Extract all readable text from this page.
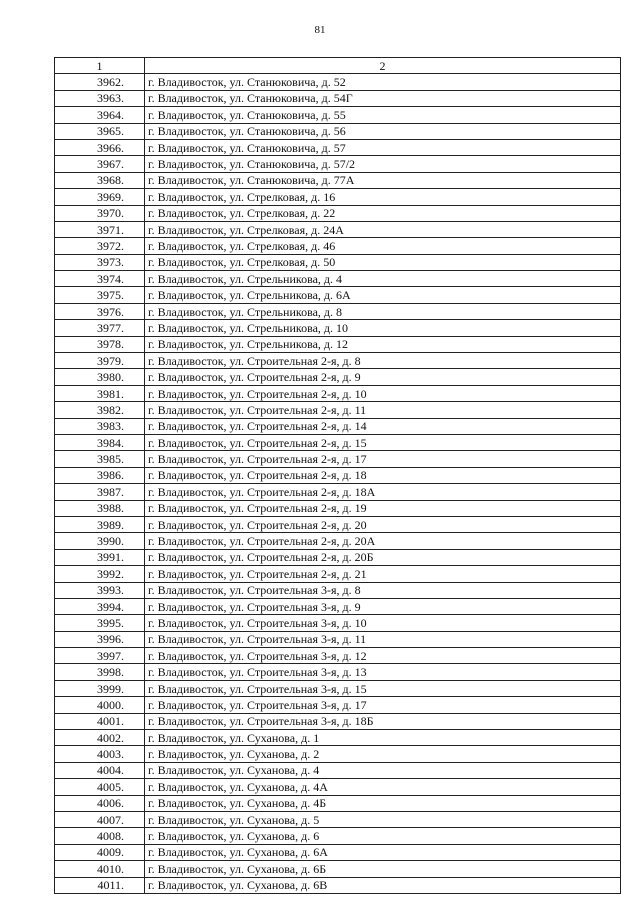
81
1	2
3962.	г. Владивосток, ул. Станюковича, д. 52
3963.	г. Владивосток, ул. Станюковича, д. 54Г
3964.	г. Владивосток, ул. Станюковича, д. 55
3965.	г. Владивосток, ул. Станюковича, д. 56
3966.	г. Владивосток, ул. Станюковича, д. 57
3967.	г. Владивосток, ул. Станюковича, д. 57/2
3968.	г. Владивосток, ул. Станюковича, д. 77А
3969.	г. Владивосток, ул. Стрелковая, д. 16
3970.	г. Владивосток, ул. Стрелковая, д. 22
3971.	г. Владивосток, ул. Стрелковая, д. 24А
3972.	г. Владивосток, ул. Стрелковая, д. 46
3973.	г. Владивосток, ул. Стрелковая, д. 50
3974.	г. Владивосток, ул. Стрельникова, д. 4
3975.	г. Владивосток, ул. Стрельникова, д. 6А
3976.	г. Владивосток, ул. Стрельникова, д. 8
3977.	г. Владивосток, ул. Стрельникова, д. 10
3978.	г. Владивосток, ул. Стрельникова, д. 12
3979.	г. Владивосток, ул. Строительная 2-я, д. 8
3980.	г. Владивосток, ул. Строительная 2-я, д. 9
3981.	г. Владивосток, ул. Строительная 2-я, д. 10
3982.	г. Владивосток, ул. Строительная 2-я, д. 11
3983.	г. Владивосток, ул. Строительная 2-я, д. 14
3984.	г. Владивосток, ул. Строительная 2-я, д. 15
3985.	г. Владивосток, ул. Строительная 2-я, д. 17
3986.	г. Владивосток, ул. Строительная 2-я, д. 18
3987.	г. Владивосток, ул. Строительная 2-я, д. 18А
3988.	г. Владивосток, ул. Строительная 2-я, д. 19
3989.	г. Владивосток, ул. Строительная 2-я, д. 20
3990.	г. Владивосток, ул. Строительная 2-я, д. 20А
3991.	г. Владивосток, ул. Строительная 2-я, д. 20Б
3992.	г. Владивосток, ул. Строительная 2-я, д. 21
3993.	г. Владивосток, ул. Строительная 3-я, д. 8
3994.	г. Владивосток, ул. Строительная 3-я, д. 9
3995.	г. Владивосток, ул. Строительная 3-я, д. 10
3996.	г. Владивосток, ул. Строительная 3-я, д. 11
3997.	г. Владивосток, ул. Строительная 3-я, д. 12
3998.	г. Владивосток, ул. Строительная 3-я, д. 13
3999.	г. Владивосток, ул. Строительная 3-я, д. 15
4000.	г. Владивосток, ул. Строительная 3-я, д. 17
4001.	г. Владивосток, ул. Строительная 3-я, д. 18Б
4002.	г. Владивосток, ул. Суханова, д. 1
4003.	г. Владивосток, ул. Суханова, д. 2
4004.	г. Владивосток, ул. Суханова, д. 4
4005.	г. Владивосток, ул. Суханова, д. 4А
4006.	г. Владивосток, ул. Суханова, д. 4Б
4007.	г. Владивосток, ул. Суханова, д. 5
4008.	г. Владивосток, ул. Суханова, д. 6
4009.	г. Владивосток, ул. Суханова, д. 6А
4010.	г. Владивосток, ул. Суханова, д. 6Б
4011.	г. Владивосток, ул. Суханова, д. 6В
